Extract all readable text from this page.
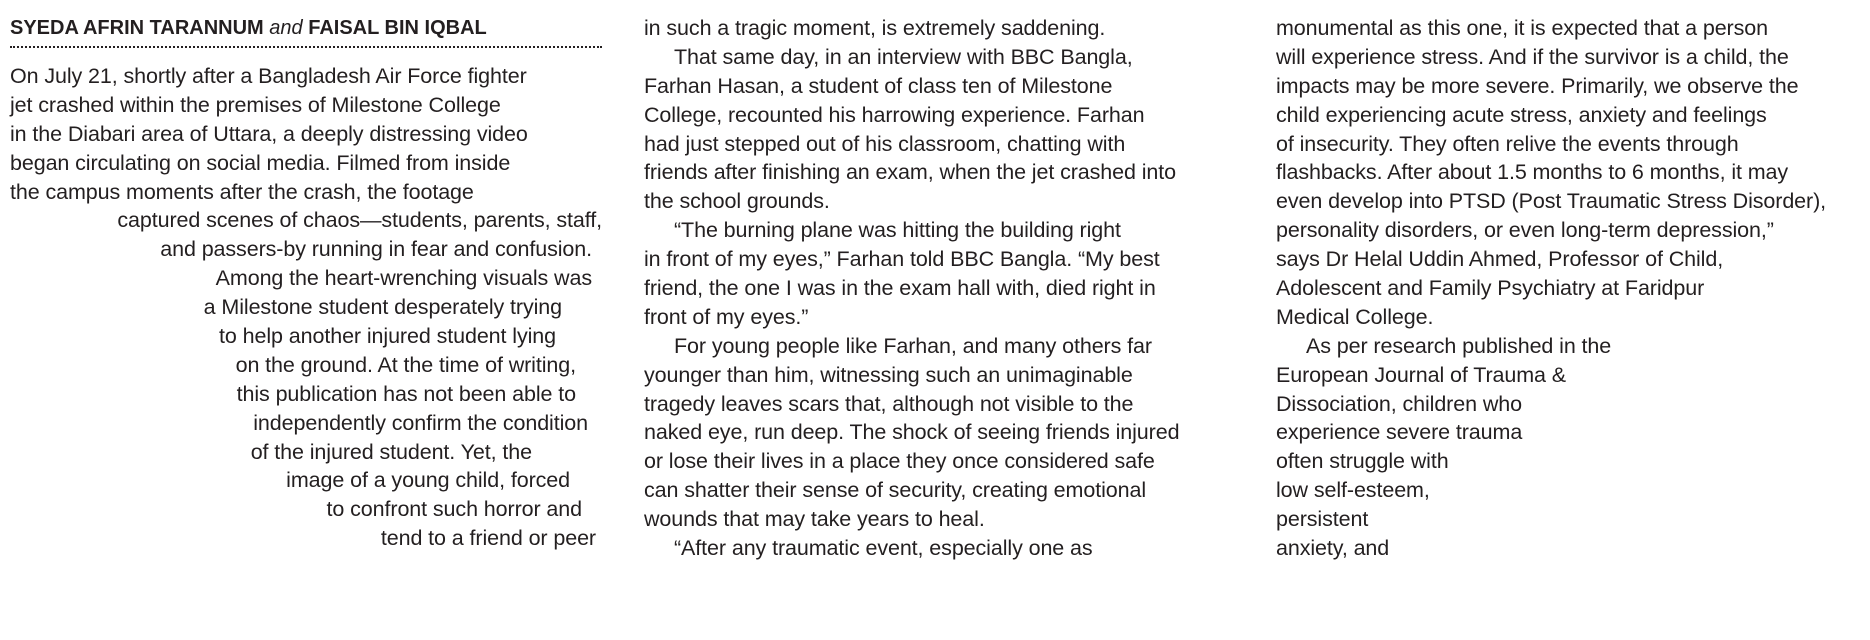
SYEDA AFRIN TARANNUM and FAISAL BIN IQBAL
On July 21, shortly after a Bangladesh Air Force fighter
jet crashed within the premises of Milestone College
in the Diabari area of Uttara, a deeply distressing video
began circulating on social media. Filmed from inside
the campus moments after the crash, the footage
captured scenes of chaos—students, parents, staff,
and passers-by running in fear and confusion.
Among the heart-wrenching visuals was
a Milestone student desperately trying
to help another injured student lying
on the ground. At the time of writing,
this publication has not been able to
independently confirm the condition
of the injured student. Yet, the
image of a young child, forced
to confront such horror and
tend to a friend or peer
in such a tragic moment, is extremely saddening.
That same day, in an interview with BBC Bangla,
Farhan Hasan, a student of class ten of Milestone
College, recounted his harrowing experience. Farhan
had just stepped out of his classroom, chatting with
friends after finishing an exam, when the jet crashed into
the school grounds.
“The burning plane was hitting the building right
in front of my eyes,” Farhan told BBC Bangla. “My best
friend, the one I was in the exam hall with, died right in
front of my eyes.”
For young people like Farhan, and many others far
younger than him, witnessing such an unimaginable
tragedy leaves scars that, although not visible to the
naked eye, run deep. The shock of seeing friends injured
or lose their lives in a place they once considered safe
can shatter their sense of security, creating emotional
wounds that may take years to heal.
“After any traumatic event, especially one as
monumental as this one, it is expected that a person
will experience stress. And if the survivor is a child, the
impacts may be more severe. Primarily, we observe the
child experiencing acute stress, anxiety and feelings
of insecurity. They often relive the events through
flashbacks. After about 1.5 months to 6 months, it may
even develop into PTSD (Post Traumatic Stress Disorder),
personality disorders, or even long-term depression,”
says Dr Helal Uddin Ahmed, Professor of Child,
Adolescent and Family Psychiatry at Faridpur
Medical College.
As per research published in the
European Journal of Trauma &
Dissociation, children who
experience severe trauma
often struggle with
low self-esteem,
persistent
anxiety, and
